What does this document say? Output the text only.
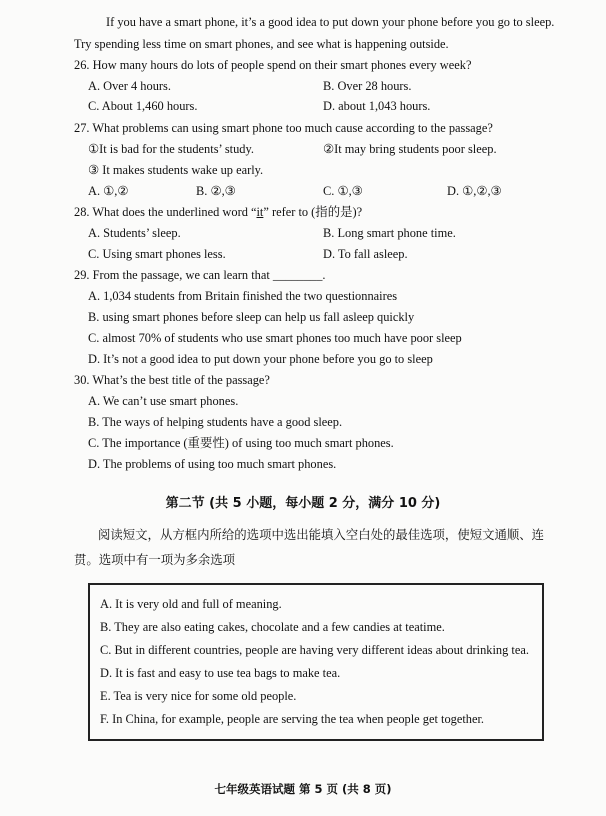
If you have a smart phone, it’s a good idea to put down your phone before you go to sleep. Try spending less time on smart phones, and see what is happening outside.
26. How many hours do lots of people spend on their smart phones every week?
A. Over 4 hours.	B. Over 28 hours.
C. About 1,460 hours.	D. about 1,043 hours.
27. What problems can using smart phone too much cause according to the passage?
①It is bad for the students’ study.	②It may bring students poor sleep.
③ It makes students wake up early.
A. ①,②	B. ②,③	C. ①,③	D. ①,②,③
28. What does the underlined word “it” refer to (指的是)?
A. Students’ sleep.	B. Long smart phone time.
C. Using smart phones less.	D. To fall asleep.
29. From the passage, we can learn that ________.
A. 1,034 students from Britain finished the two questionnaires
B. using smart phones before sleep can help us fall asleep quickly
C. almost 70% of students who use smart phones too much have poor sleep
D. It’s not a good idea to put down your phone before you go to sleep
30. What’s the best title of the passage?
A. We can’t use smart phones.
B. The ways of helping students have a good sleep.
C. The importance (重要性) of using too much smart phones.
D. The problems of using too much smart phones.
第二节 (共 5 小题，每小题 2 分，满分 10 分)
阅读短文，从方框内所给的选项中选出能填入空白处的最佳选项，使短文通顺、连
贯。选项中有一项为多余选项
A. It is very old and full of meaning.
B. They are also eating cakes, chocolate and a few candies at teatime.
C. But in different countries, people are having very different ideas about drinking tea.
D. It is fast and easy to use tea bags to make tea.
E. Tea is very nice for some old people.
F. In China, for example, people are serving the tea when people get together.
七年级英语试题 第 5 页 (共 8 页)
